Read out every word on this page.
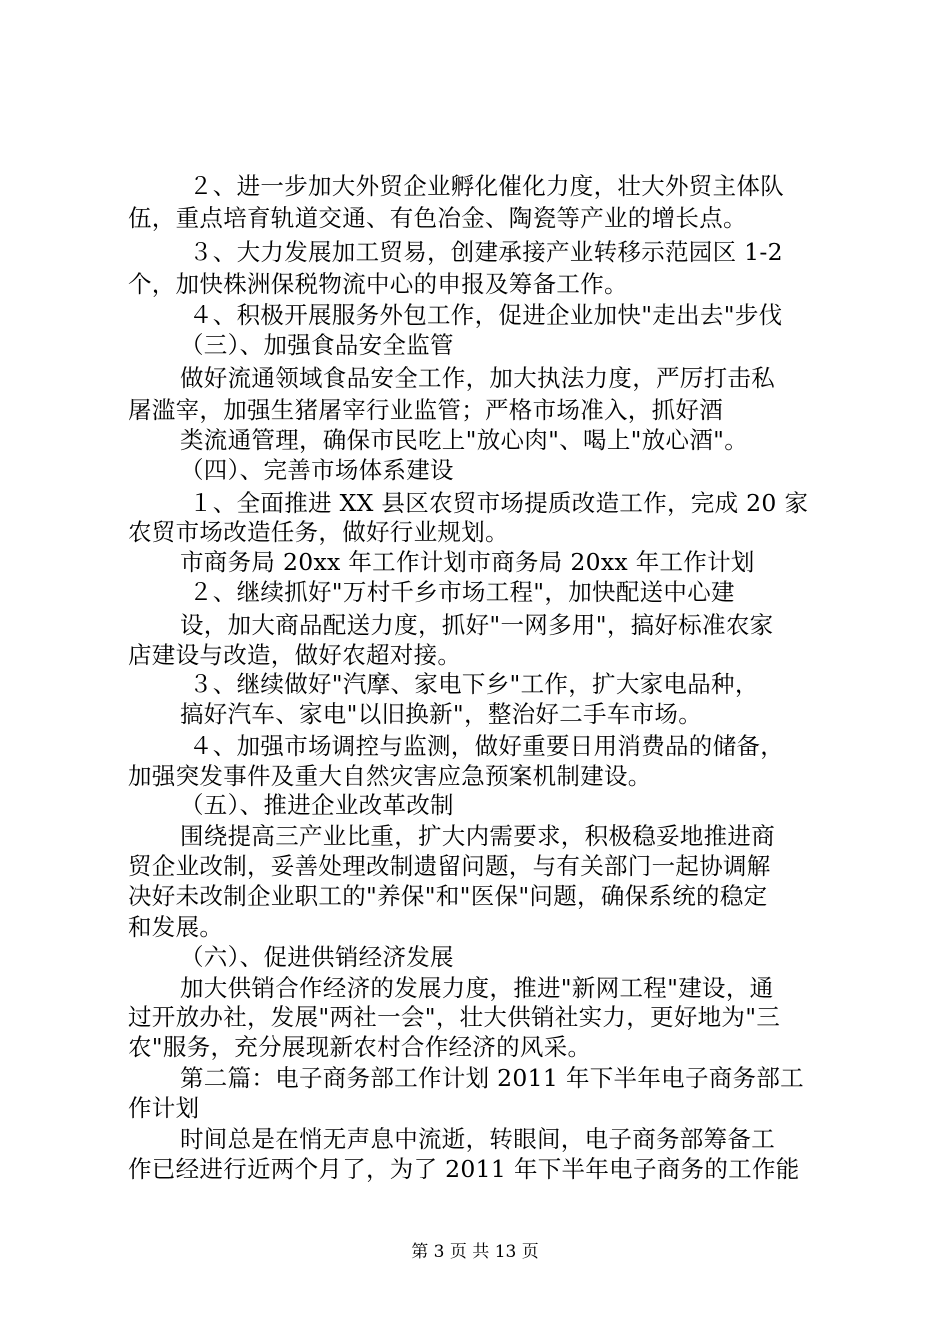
２、进一步加大外贸企业孵化催化力度，壮大外贸主体队
伍，重点培育轨道交通、有色冶金、陶瓷等产业的增长点。
３、大力发展加工贸易，创建承接产业转移示范园区 1-2
个，加快株洲保税物流中心的申报及筹备工作。
４、积极开展服务外包工作，促进企业加快"走出去"步伐
（三）、加强食品安全监管
做好流通领域食品安全工作，加大执法力度，严厉打击私
屠滥宰，加强生猪屠宰行业监管；严格市场准入，抓好酒
类流通管理，确保市民吃上"放心肉"、喝上"放心酒"。
（四）、完善市场体系建设
１、全面推进 XX 县区农贸市场提质改造工作，完成 20 家
农贸市场改造任务，做好行业规划。
市商务局 20xx 年工作计划市商务局 20xx 年工作计划
２、继续抓好"万村千乡市场工程"，加快配送中心建
设，加大商品配送力度，抓好"一网多用"，搞好标准农家
店建设与改造，做好农超对接。
３、继续做好"汽摩、家电下乡"工作，扩大家电品种，
搞好汽车、家电"以旧换新"，整治好二手车市场。
４、加强市场调控与监测，做好重要日用消费品的储备，
加强突发事件及重大自然灾害应急预案机制建设。
（五）、推进企业改革改制
围绕提高三产业比重，扩大内需要求，积极稳妥地推进商
贸企业改制，妥善处理改制遗留问题，与有关部门一起协调解
决好未改制企业职工的"养保"和"医保"问题，确保系统的稳定
和发展。
（六）、促进供销经济发展
加大供销合作经济的发展力度，推进"新网工程"建设，通
过开放办社，发展"两社一会"，壮大供销社实力，更好地为"三
农"服务，充分展现新农村合作经济的风采。
第二篇：电子商务部工作计划 2011 年下半年电子商务部工
作计划
时间总是在悄无声息中流逝，转眼间，电子商务部筹备工
作已经进行近两个月了，为了 2011 年下半年电子商务的工作能
第 3 页 共 13 页
